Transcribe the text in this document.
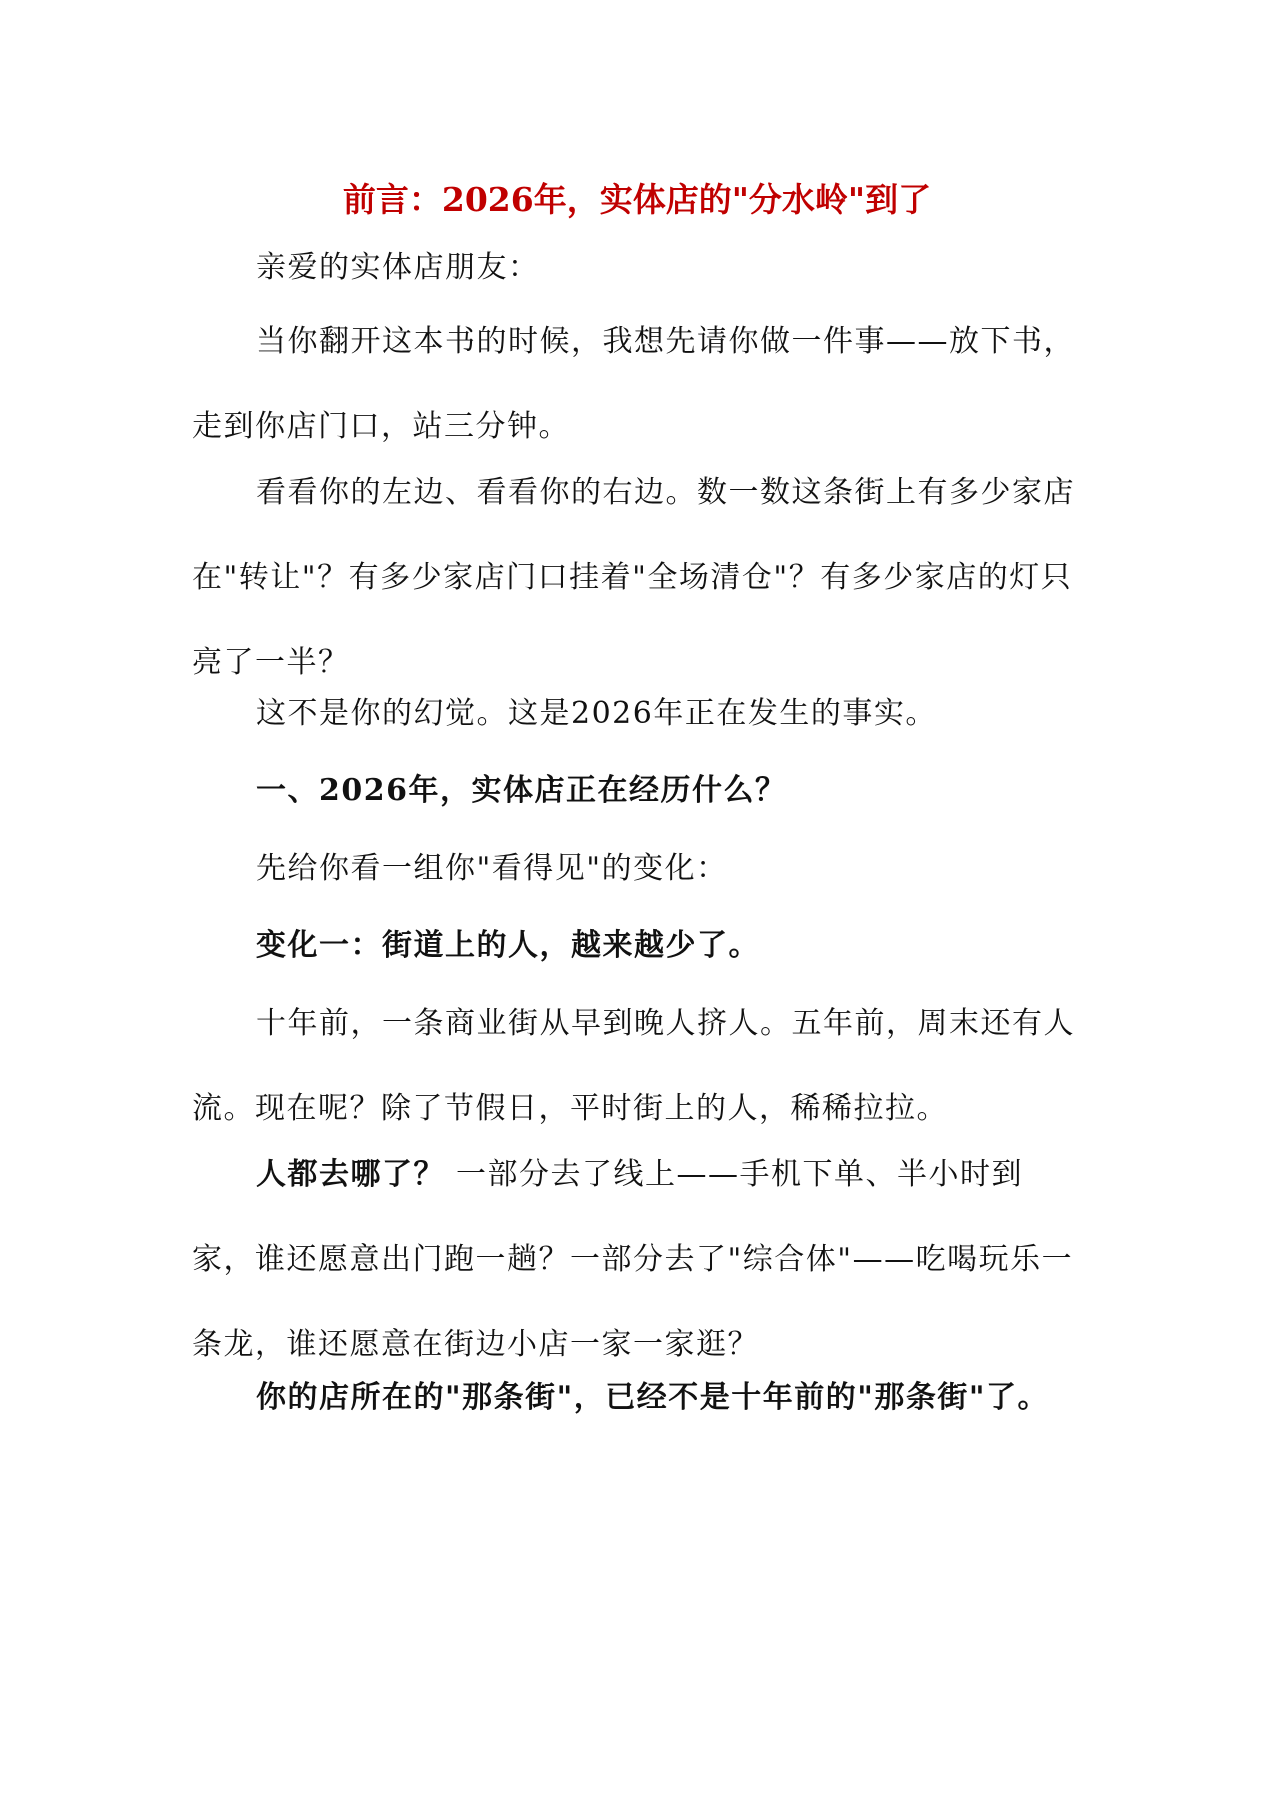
前言：2026年，实体店的"分水岭"到了

亲爱的实体店朋友：

当你翻开这本书的时候，我想先请你做一件事——放下书，走到你店门口，站三分钟。

看看你的左边、看看你的右边。数一数这条街上有多少家店在"转让"？有多少家店门口挂着"全场清仓"？有多少家店的灯只亮了一半？

这不是你的幻觉。这是2026年正在发生的事实。

一、2026年，实体店正在经历什么？

先给你看一组你"看得见"的变化：

变化一：街道上的人，越来越少了。

十年前，一条商业街从早到晚人挤人。五年前，周末还有人流。现在呢？除了节假日，平时街上的人，稀稀拉拉。

人都去哪了？ 一部分去了线上——手机下单、半小时到家，谁还愿意出门跑一趟？一部分去了"综合体"——吃喝玩乐一条龙，谁还愿意在街边小店一家一家逛？

你的店所在的"那条街"，已经不是十年前的"那条街"了。
